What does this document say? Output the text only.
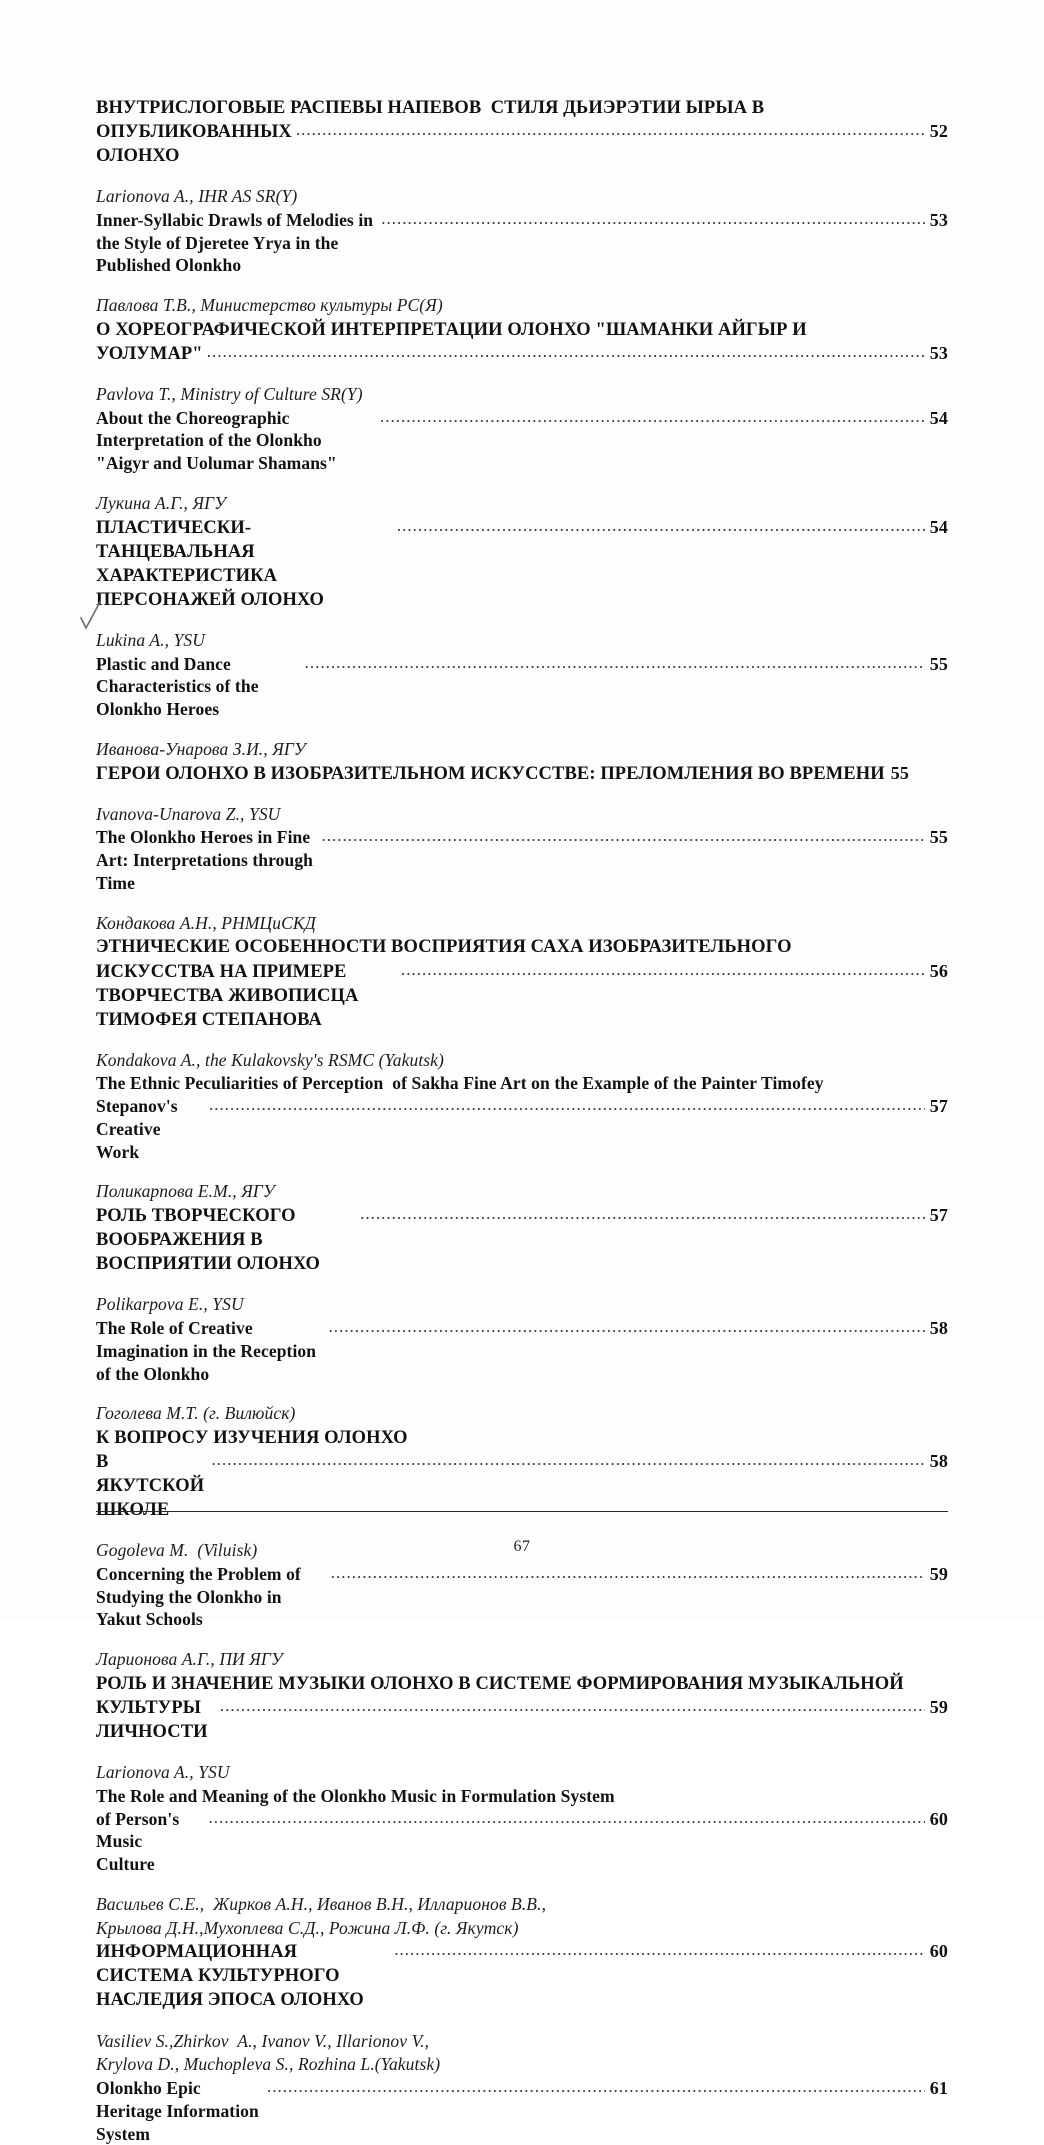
ВНУТРИСЛОГОВЫЕ РАСПЕВЫ НАПЕВОВ  СТИЛЯ ДЬИЭРЭТИИ ЫРЫА В
ОПУБЛИКОВАННЫХ ОЛОНХО
.....
52
Larionova A., IHR AS SR(Y)
Inner-Syllabic Drawls of Melodies in the Style of Djeretee Yrya in the Published Olonkho
.....
53
Павлова Т.В., Министерство культуры РС(Я)
О ХОРЕОГРАФИЧЕСКОЙ ИНТЕРПРЕТАЦИИ ОЛОНХО "ШАМАНКИ АЙГЫР И
УОЛУМАР" .....	53
Pavlova T., Ministry of Culture SR(Y)
About the Choreographic Interpretation of the Olonkho "Aigyr and Uolumar Shamans"
.....
54
Лукина А.Г., ЯГУ
ПЛАСТИЧЕСКИ-ТАНЦЕВАЛЬНАЯ ХАРАКТЕРИСТИКА ПЕРСОНАЖЕЙ ОЛОНХО
.....
54
Lukina A., YSU
Plastic and Dance Characteristics of the Olonkho Heroes
.....
55
Иванова-Унарова З.И., ЯГУ
ГЕРОИ ОЛОНХО В ИЗОБРАЗИТЕЛЬНОМ ИСКУССТВЕ: ПРЕЛОМЛЕНИЯ ВО ВРЕМЕНИ 55
Ivanova-Unarova Z., YSU
The Olonkho Heroes in Fine Art: Interpretations through Time
.....
55
Кондакова А.Н., РНМЦиСКД
ЭТНИЧЕСКИЕ ОСОБЕННОСТИ ВОСПРИЯТИЯ САХА ИЗОБРАЗИТЕЛЬНОГО
ИСКУССТВА НА ПРИМЕРЕ ТВОРЧЕСТВА ЖИВОПИСЦА ТИМОФЕЯ СТЕПАНОВА
.....
56
Kondakova A., the Kulakovsky's RSMC (Yakutsk)
The Ethnic Peculiarities of Perception  of Sakha Fine Art on the Example of the Painter Timofey
Stepanov's Creative Work
.....
57
Поликарпова Е.М., ЯГУ
РОЛЬ ТВОРЧЕСКОГО ВООБРАЖЕНИЯ В ВОСПРИЯТИИ ОЛОНХО
.....
57
Polikarpova E., YSU
The Role of Creative Imagination in the Reception of the Olonkho
.....
58
Гоголева М.Т. (г. Вилюйск)
К ВОПРОСУ ИЗУЧЕНИЯ ОЛОНХО
В ЯКУТСКОЙ ШКОЛЕ
.....
58
Gogoleva M.  (Viluisk)
Concerning the Problem of Studying the Olonkho in Yakut Schools
.....
59
Ларионова А.Г., ПИ ЯГУ
РОЛЬ И ЗНАЧЕНИЕ МУЗЫКИ ОЛОНХО В СИСТЕМЕ ФОРМИРОВАНИЯ МУЗЫКАЛЬНОЙ
КУЛЬТУРЫ ЛИЧНОСТИ
.....
59
Larionova A., YSU
The Role and Meaning of the Olonkho Music in Formulation System
of Person's Music Culture
.....
60
Васильев С.Е.,  Жирков А.Н., Иванов В.Н., Илларионов В.В.,
Крылова Д.Н.,Мухоплева С.Д., Рожина Л.Ф. (г. Якутск)
ИНФОРМАЦИОННАЯ СИСТЕМА КУЛЬТУРНОГО НАСЛЕДИЯ ЭПОСА ОЛОНХО
.....
60
Vasiliev S.,Zhirkov  A., Ivanov V., Illarionov V.,
Krylova D., Muchopleva S., Rozhina L.(Yakutsk)
Olonkho Epic Heritage Information System
.....
61
67
